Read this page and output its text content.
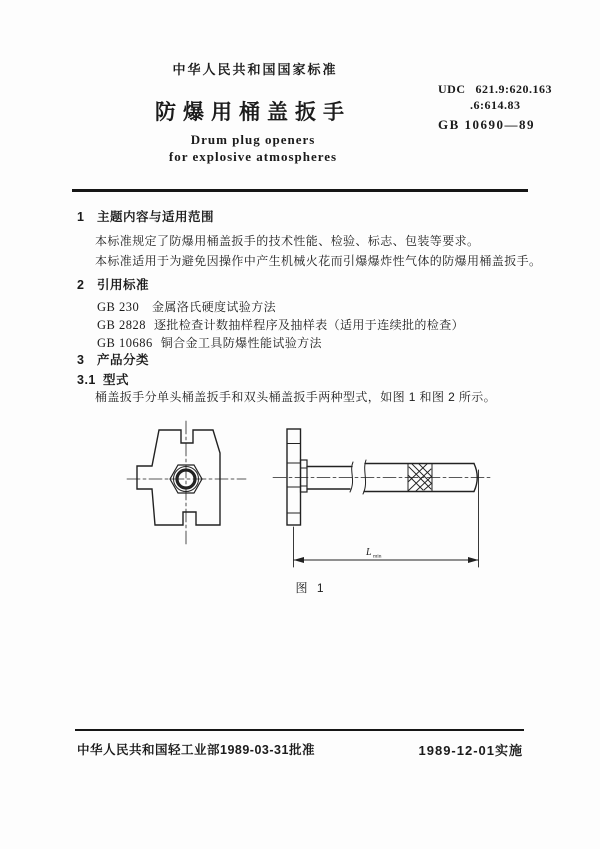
中华人民共和国国家标准
防爆用桶盖扳手
Drum plug openers
for explosive atmospheres
UDC 621.9:620.163
.6:614.83
GB 10690—89
1 主题内容与适用范围
本标准规定了防爆用桶盖扳手的技术性能、检验、标志、包装等要求。
本标准适用于为避免因操作中产生机械火花而引爆爆炸性气体的防爆用桶盖扳手。
2 引用标准
GB 230 金属洛氏硬度试验方法
GB 2828 逐批检查计数抽样程序及抽样表（适用于连续批的检查）
GB 10686 铜合金工具防爆性能试验方法
3 产品分类
3.1 型式
桶盖扳手分单头桶盖扳手和双头桶盖扳手两种型式，如图 1 和图 2 所示。
L min
图 1
中华人民共和国轻工业部1989-03-31批准	1989-12-01实施
